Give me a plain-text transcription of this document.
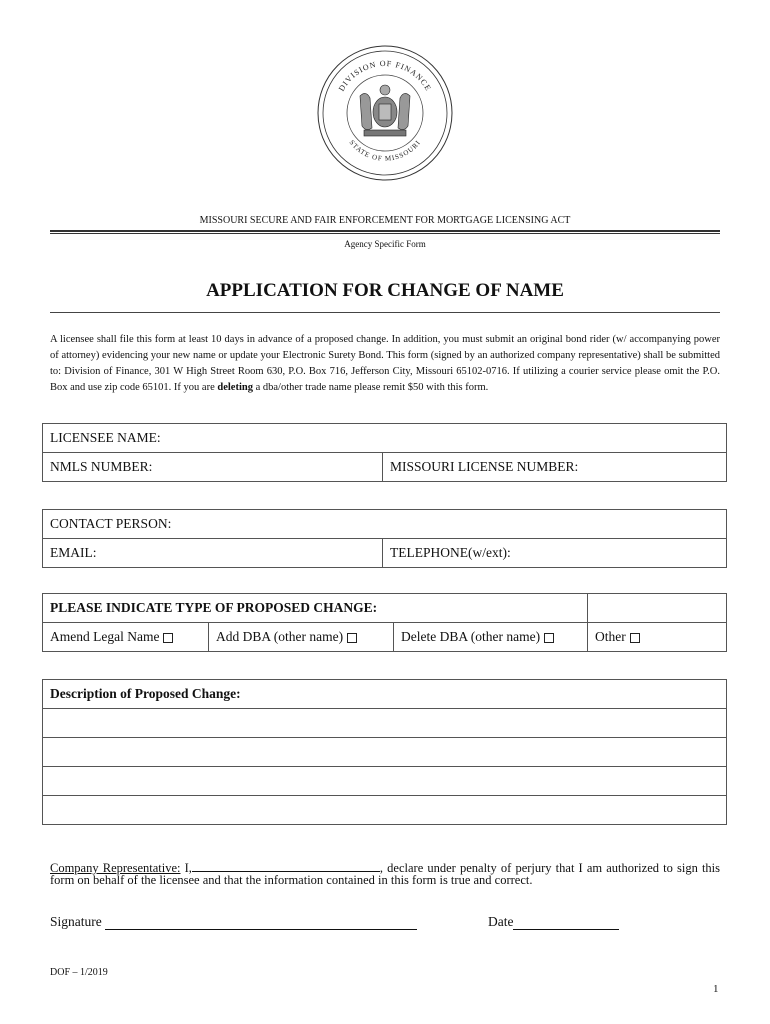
DIVISION OF FINANCE
STATE OF MISSOURI
MISSOURI SECURE AND FAIR ENFORCEMENT FOR MORTGAGE LICENSING ACT
Agency Specific Form
APPLICATION FOR CHANGE OF NAME
A licensee shall file this form at least 10 days in advance of a proposed change. In addition, you must submit an original bond rider (w/ accompanying power of attorney) evidencing your new name or update your Electronic Surety Bond. This form (signed by an authorized company representative) shall be submitted to: Division of Finance, 301 W High Street Room 630, P.O. Box 716, Jefferson City, Missouri 65102-0716. If utilizing a courier service please omit the P.O. Box and use zip code 65101. If you are deleting a dba/other trade name please remit $50 with this form.
LICENSEE NAME:
NMLS NUMBER:	MISSOURI LICENSE NUMBER:
CONTACT PERSON:
EMAIL:	TELEPHONE(w/ext):
PLEASE INDICATE TYPE OF PROPOSED CHANGE:			
Amend Legal Name	Add DBA (other name)	Delete DBA (other name)	Other
Description of Proposed Change:

Company Representative: I,	, declare under penalty of perjury that I am authorized to sign this form on behalf of the licensee and that the information contained in this form is true and correct.
Signature	Date
DOF – 1/2019
1
